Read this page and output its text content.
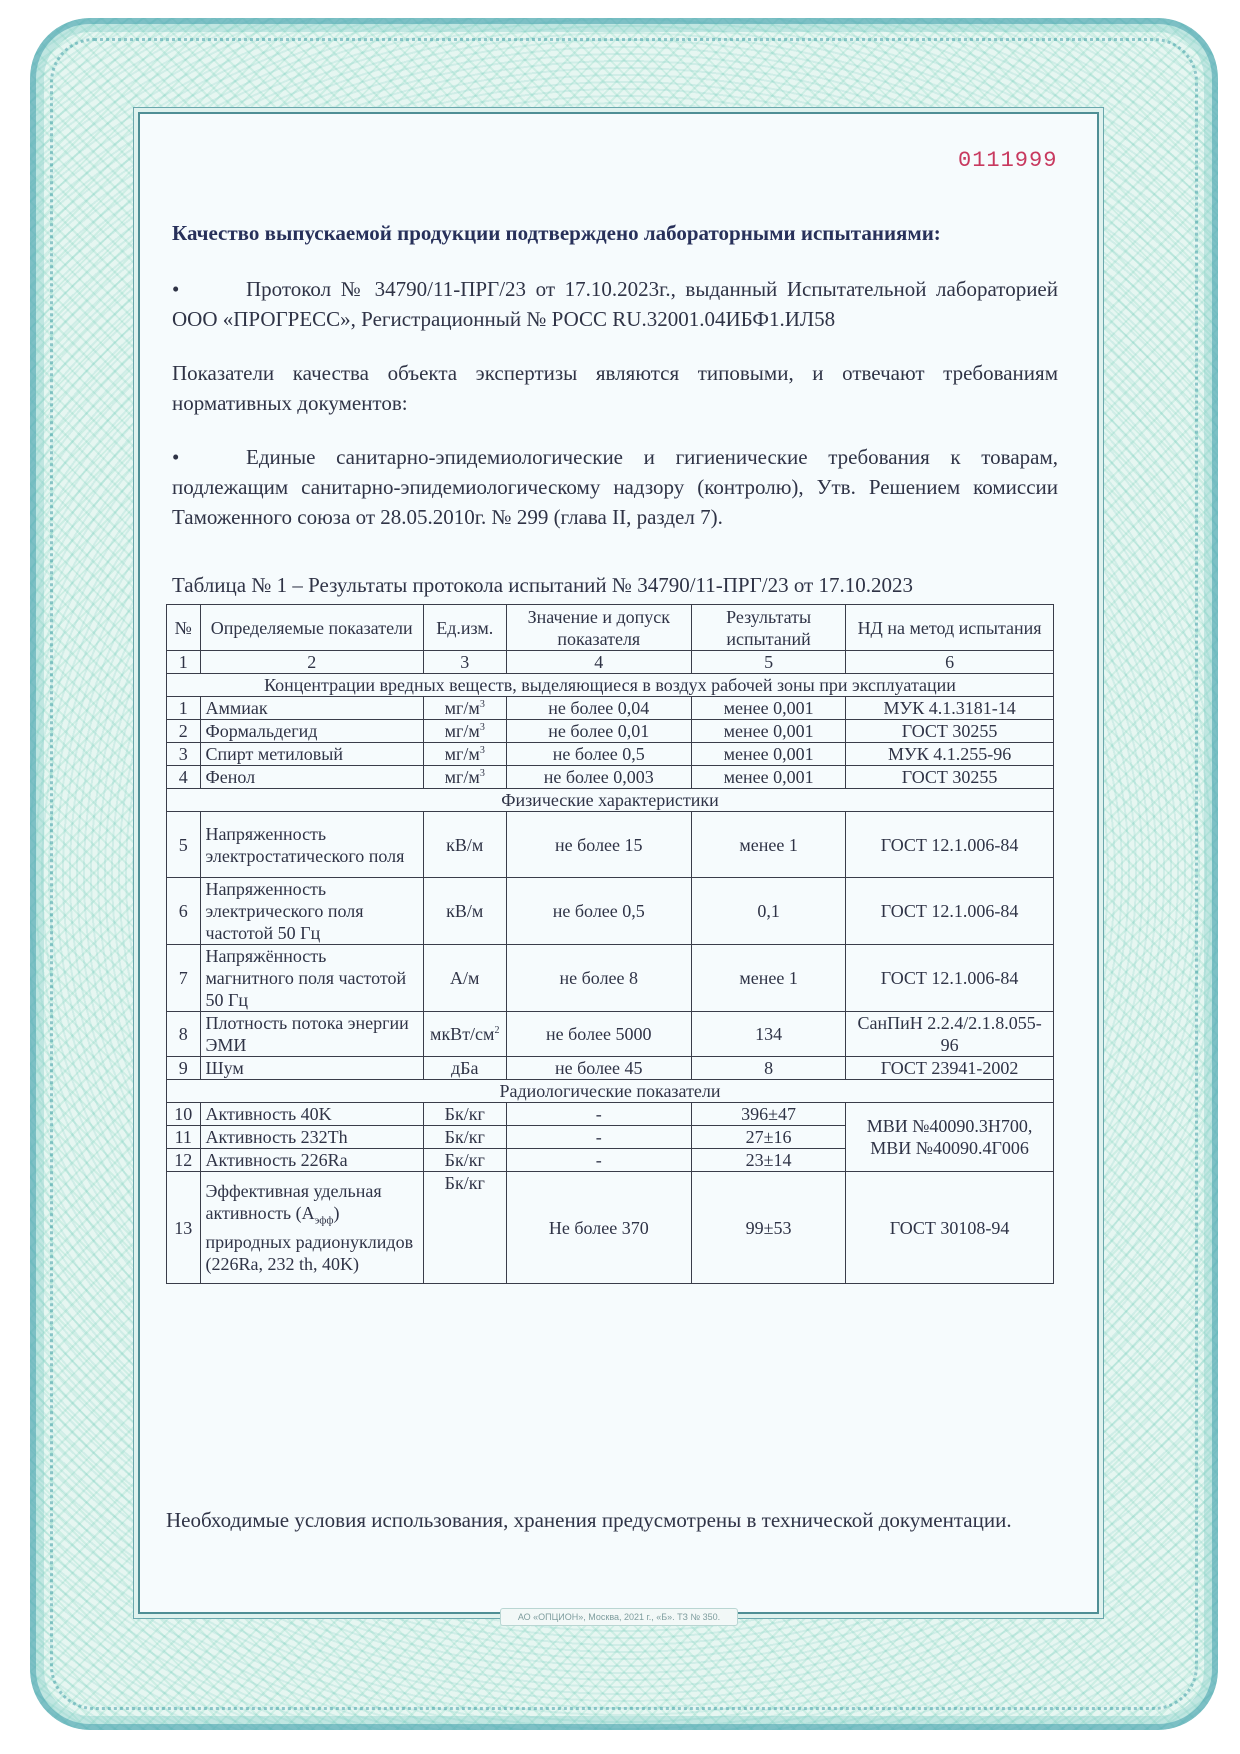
0111999

Качество выпускаемой продукции подтверждено лабораторными испытаниями:

•	Протокол № 34790/11-ПРГ/23 от 17.10.2023г., выданный Испытательной лабораторией ООО «ПРОГРЕСС», Регистрационный № РОСС RU.32001.04ИБФ1.ИЛ58

Показатели качества объекта экспертизы являются типовыми, и отвечают требованиям нормативных документов:

•	Единые санитарно-эпидемиологические и гигиенические требования к товарам, подлежащим санитарно-эпидемиологическому надзору (контролю), Утв. Решением комиссии Таможенного союза от 28.05.2010г. № 299 (глава II, раздел 7).

Таблица № 1 – Результаты протокола испытаний № 34790/11-ПРГ/23 от 17.10.2023

№	Определяемые показатели	Ед.изм.	Значение и допуск показателя	Результаты испытаний	НД на метод испытания
1	2	3	4	5	6
Концентрации вредных веществ, выделяющиеся в воздух рабочей зоны при эксплуатации					
1	Аммиак	$мг/м^3$	не более 0,04	менее 0,001	МУК 4.1.3181-14
2	Формальдегид	$мг/м^3$	не более 0,01	менее 0,001	ГОСТ 30255
3	Спирт метиловый	$мг/м^3$	не более 0,5	менее 0,001	МУК 4.1.255-96
4	Фенол	$мг/м^3$	не более 0,003	менее 0,001	ГОСТ 30255
Физические характеристики					
5	Напряженность электростатического поля	кВ/м	не более 15	менее 1	ГОСТ 12.1.006-84
6	Напряженность электрического поля частотой 50 Гц	кВ/м	не более 0,5	0,1	ГОСТ 12.1.006-84
7	Напряжённость магнитного поля частотой 50 Гц	А/м	не более 8	менее 1	ГОСТ 12.1.006-84
8	Плотность потока энергии ЭМИ	мкВт/$см^2$	не более 5000	134	СанПиН 2.2.4/2.1.8.055-96
9	Шум	дБа	не более 45	8	ГОСТ 23941-2002
Радиологические показатели					
10	Активность 40K	Бк/кг	-	396±47	МВИ №40090.3Н700, МВИ №40090.4Г006
11	Активность 232Th	Бк/кг	-	27±16	
12	Активность 226Ra	Бк/кг	-	23±14	
13	Эффективная удельная активность $(А_{эфф})$ природных радионуклидов (226Ra, 232 th, 40K)	Бк/кг	Не более 370	99±53	ГОСТ 30108-94
Необходимые условия использования, хранения предусмотрены в технической документации.
АО «ОПЦИОН», Москва, 2021 г., «Б». ТЗ № 350.
